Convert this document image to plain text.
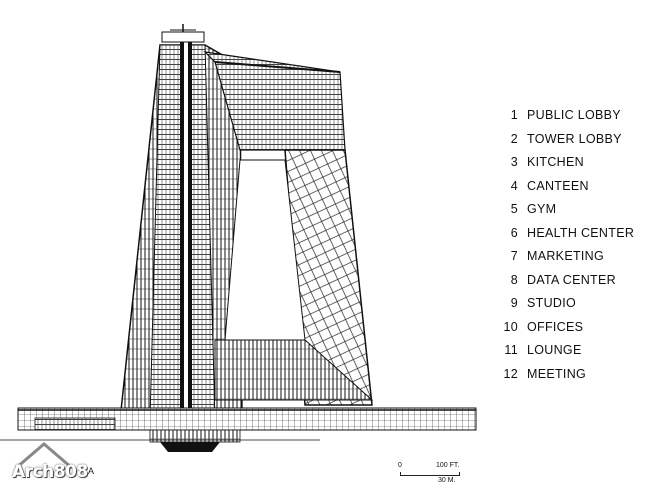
1 PUBLIC LOBBY
2 TOWER LOBBY
3 KITCHEN
4 CANTEEN
5 GYM
6 HEALTH CENTER
7 MARKETING
8 DATA CENTER
9 STUDIO
10 OFFICES
11 LOUNGE
12 MEETING
0	100 FT.
30 M.
Arch808 A
